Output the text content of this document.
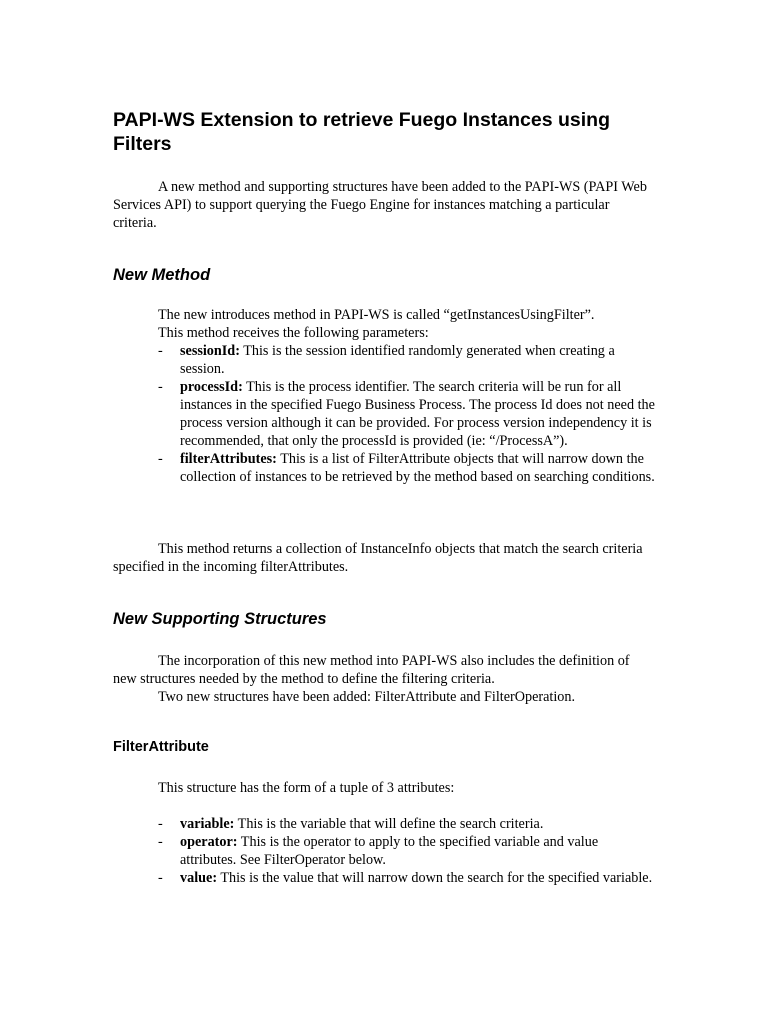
PAPI-WS Extension to retrieve Fuego Instances using Filters

A new method and supporting structures have been added to the PAPI-WS (PAPI Web Services API) to support querying the Fuego Engine for instances matching a particular criteria.

New Method

The new introduces method in PAPI-WS is called “getInstancesUsingFilter”.

This method receives the following parameters:

- sessionId: This is the session identified randomly generated when creating a session.
- processId: This is the process identifier. The search criteria will be run for all instances in the specified Fuego Business Process. The process Id does not need the process version although it can be provided. For process version independency it is recommended, that only the processId is provided (ie: “/ProcessA”).
- filterAttributes: This is a list of FilterAttribute objects that will narrow down the collection of instances to be retrieved by the method based on searching conditions.

This method returns a collection of InstanceInfo objects that match the search criteria specified in the incoming filterAttributes.

New Supporting Structures

The incorporation of this new method into PAPI-WS also includes the definition of new structures needed by the method to define the filtering criteria.

Two new structures have been added: FilterAttribute and FilterOperation.

FilterAttribute

This structure has the form of a tuple of 3 attributes:

- variable: This is the variable that will define the search criteria.
- operator: This is the operator to apply to the specified variable and value attributes. See FilterOperator below.
- value: This is the value that will narrow down the search for the specified variable.
